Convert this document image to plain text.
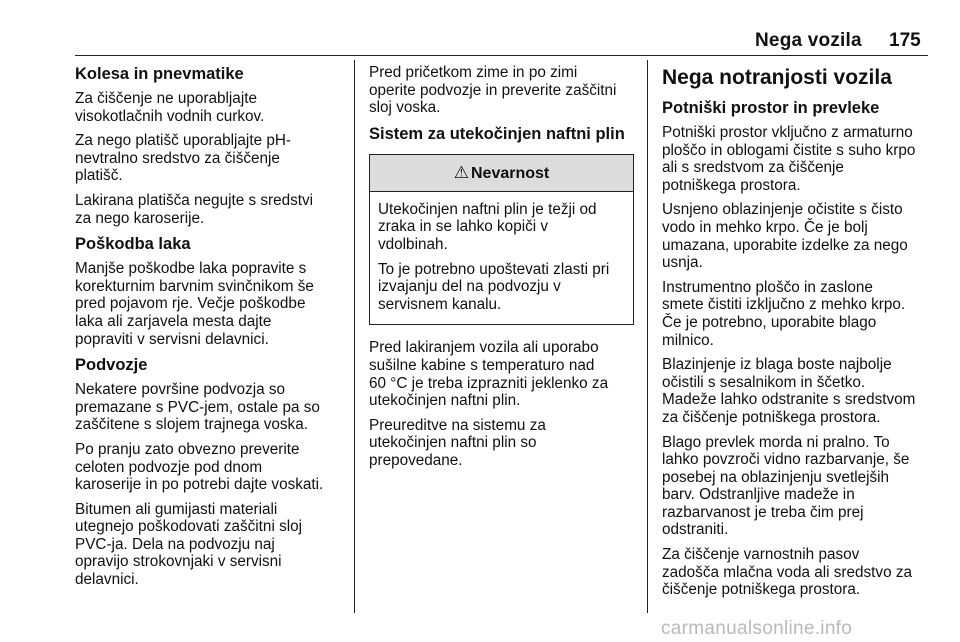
Nega vozila 175
Kolesa in pnevmatike

Za čiščenje ne uporabljajte
visokotlačnih vodnih curkov.

Za nego platišč uporabljajte pH-
nevtralno sredstvo za čiščenje
platišč.

Lakirana platišča negujte s sredstvi
za nego karoserije.

Poškodba laka

Manjše poškodbe laka popravite s
korekturnim barvnim svinčnikom še
pred pojavom rje. Večje poškodbe
laka ali zarjavela mesta dajte
popraviti v servisni delavnici.

Podvozje

Nekatere površine podvozja so
premazane s PVC-jem, ostale pa so
zaščitene s slojem trajnega voska.

Po pranju zato obvezno preverite
celoten podvozje pod dnom
karoserije in po potrebi dajte voskati.

Bitumen ali gumijasti materiali
utegnejo poškodovati zaščitni sloj
PVC-ja. Dela na podvozju naj
opravijo strokovnjaki v servisni
delavnici.

Pred pričetkom zime in po zimi
operite podvozje in preverite zaščitni
sloj voska.

Sistem za utekočinjen naftni plin
⚠ Nevarnost

Utekočinjen naftni plin je težji od
zraka in se lahko kopiči v
vdolbinah.

To je potrebno upoštevati zlasti pri
izvajanju del na podvozju v
servisnem kanalu.

Pred lakiranjem vozila ali uporabo
sušilne kabine s temperaturo nad
60 °C je treba izprazniti jeklenko za
utekočinjen naftni plin.

Preureditve na sistemu za
utekočinjen naftni plin so
prepovedane.

Nega notranjosti vozila
Potniški prostor in prevleke

Potniški prostor vključno z armaturno
ploščo in oblogami čistite s suho krpo
ali s sredstvom za čiščenje
potniškega prostora.

Usnjeno oblazinjenje očistite s čisto
vodo in mehko krpo. Če je bolj
umazana, uporabite izdelke za nego
usnja.

Instrumentno ploščo in zaslone
smete čistiti izključno z mehko krpo.
Če je potrebno, uporabite blago
milnico.

Blazinjenje iz blaga boste najbolje
očistili s sesalnikom in ščetko.
Madeže lahko odstranite s sredstvom
za čiščenje potniškega prostora.

Blago prevlek morda ni pralno. To
lahko povzroči vidno razbarvanje, še
posebej na oblazinjenju svetlejših
barv. Odstranljive madeže in
razbarvanost je treba čim prej
odstraniti.

Za čiščenje varnostnih pasov
zadošča mlačna voda ali sredstvo za
čiščenje potniškega prostora.

carmanualsonline.info
